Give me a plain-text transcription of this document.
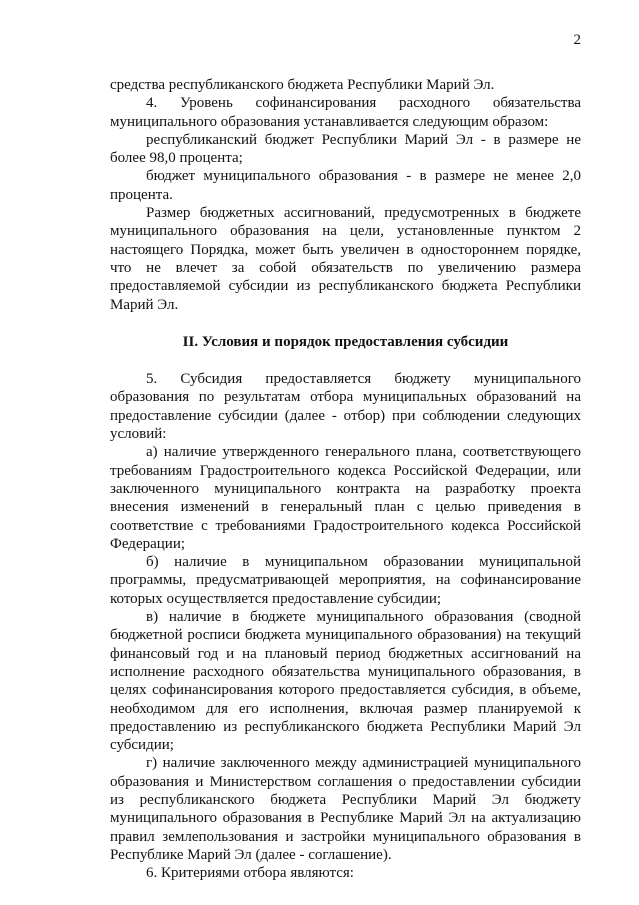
2

средства республиканского бюджета Республики Марий Эл.

4. Уровень софинансирования расходного обязательства муниципального образования устанавливается следующим образом:

республиканский бюджет Республики Марий Эл - в размере не более 98,0 процента;

бюджет муниципального образования - в размере не менее 2,0 процента.

Размер бюджетных ассигнований, предусмотренных в бюджете муниципального образования на цели, установленные пунктом 2 настоящего Порядка, может быть увеличен в одностороннем порядке, что не влечет за собой обязательств по увеличению размера предоставляемой субсидии из республиканского бюджета Республики Марий Эл.

II. Условия и порядок предоставления субсидии

5. Субсидия предоставляется бюджету муниципального образования по результатам отбора муниципальных образований на предоставление субсидии (далее - отбор) при соблюдении следующих условий:

а) наличие утвержденного генерального плана, соответствующего требованиям Градостроительного кодекса Российской Федерации, или заключенного муниципального контракта на разработку проекта внесения изменений в генеральный план с целью приведения в соответствие с требованиями Градостроительного кодекса Российской Федерации;

б) наличие в муниципальном образовании муниципальной программы, предусматривающей мероприятия, на софинансирование которых осуществляется предоставление субсидии;

в) наличие в бюджете муниципального образования (сводной бюджетной росписи бюджета муниципального образования) на текущий финансовый год и на плановый период бюджетных ассигнований на исполнение расходного обязательства муниципального образования, в целях софинансирования которого предоставляется субсидия, в объеме, необходимом для его исполнения, включая размер планируемой к предоставлению из республиканского бюджета Республики Марий Эл субсидии;

г) наличие заключенного между администрацией муниципального образования и Министерством соглашения о предоставлении субсидии из республиканского бюджета Республики Марий Эл бюджету муниципального образования в Республике Марий Эл на актуализацию правил землепользования и застройки муниципального образования в Республике Марий Эл (далее - соглашение).

6. Критериями отбора являются:
